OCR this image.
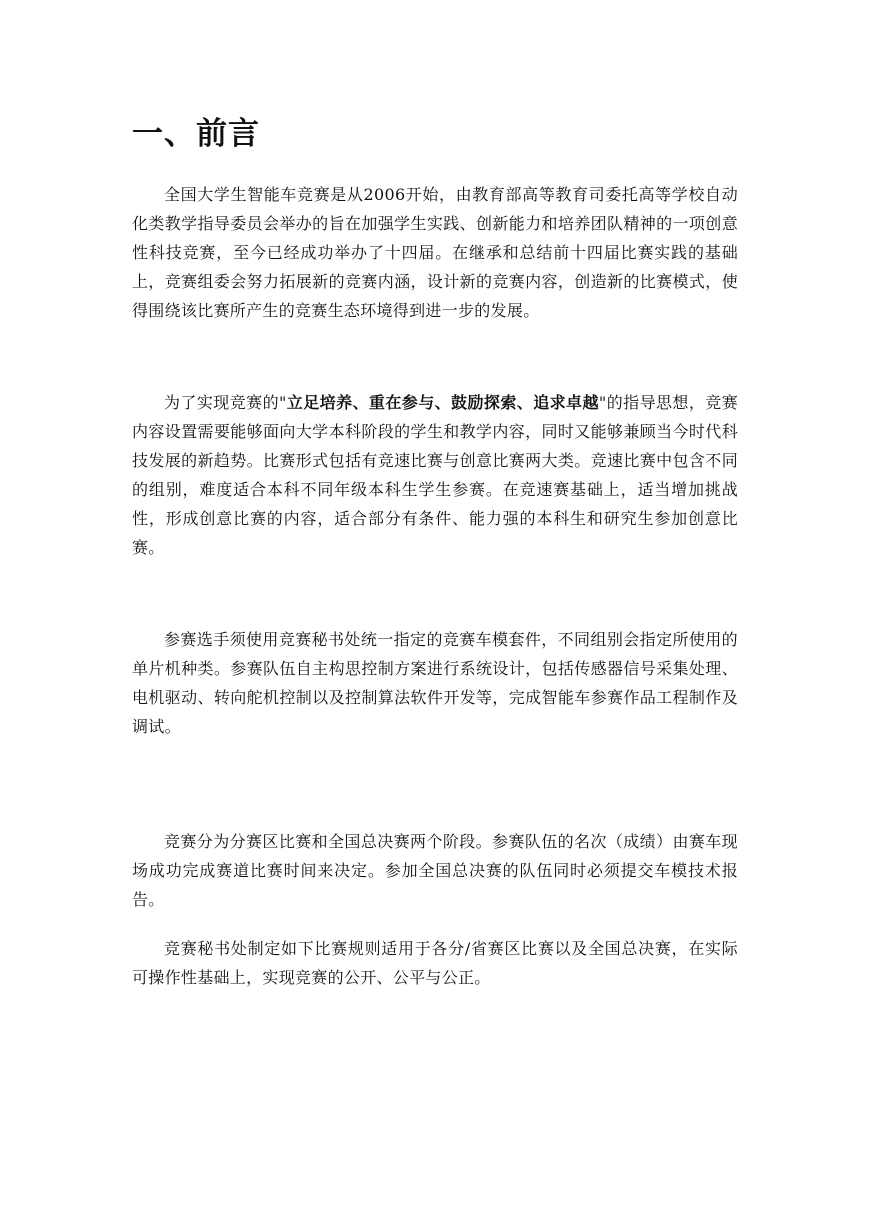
一、前言

全国大学生智能车竞赛是从2006开始，由教育部高等教育司委托高等学校自动化类教学指导委员会举办的旨在加强学生实践、创新能力和培养团队精神的一项创意性科技竞赛，至今已经成功举办了十四届。在继承和总结前十四届比赛实践的基础上，竞赛组委会努力拓展新的竞赛内涵，设计新的竞赛内容，创造新的比赛模式，使得围绕该比赛所产生的竞赛生态环境得到进一步的发展。

为了实现竞赛的"立足培养、重在参与、鼓励探索、追求卓越"的指导思想，竞赛内容设置需要能够面向大学本科阶段的学生和教学内容，同时又能够兼顾当今时代科技发展的新趋势。比赛形式包括有竞速比赛与创意比赛两大类。竞速比赛中包含不同的组别，难度适合本科不同年级本科生学生参赛。在竞速赛基础上，适当增加挑战性，形成创意比赛的内容，适合部分有条件、能力强的本科生和研究生参加创意比赛。

参赛选手须使用竞赛秘书处统一指定的竞赛车模套件，不同组别会指定所使用的单片机种类。参赛队伍自主构思控制方案进行系统设计，包括传感器信号采集处理、电机驱动、转向舵机控制以及控制算法软件开发等，完成智能车参赛作品工程制作及调试。

竞赛分为分赛区比赛和全国总决赛两个阶段。参赛队伍的名次（成绩）由赛车现场成功完成赛道比赛时间来决定。参加全国总决赛的队伍同时必须提交车模技术报告。

竞赛秘书处制定如下比赛规则适用于各分/省赛区比赛以及全国总决赛，在实际可操作性基础上，实现竞赛的公开、公平与公正。
